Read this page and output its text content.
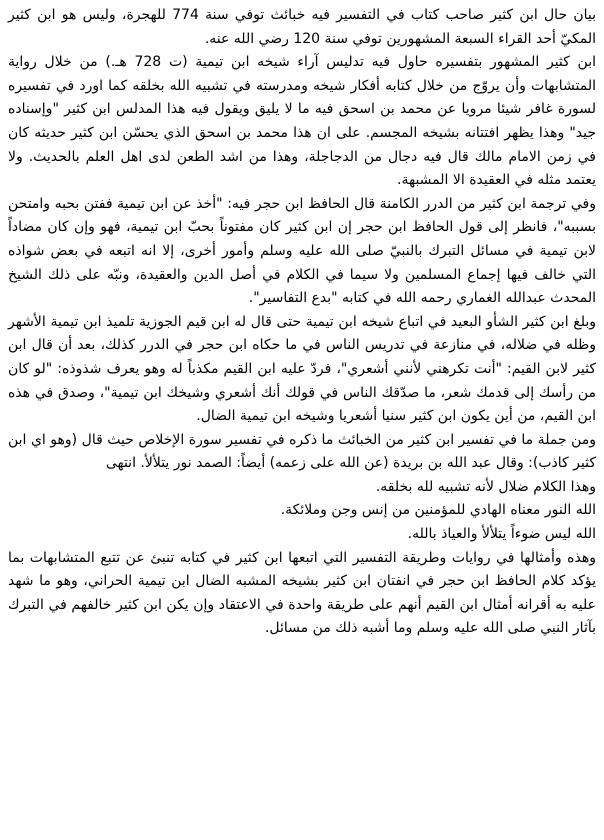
بيان حال ابن كثير صاحب كتاب في التفسير فيه خبائث توفي سنة 774 للهجرة، وليس هو ابن كثير المكيّ أحد القراء السبعة المشهورين توفي سنة 120 رضي الله عنه.

ابن كثير المشهور بتفسيره حاول فيه تدليس آراء شيخه ابن تيمية (ت 728 هـ.) من خلال رواية المتشابهات وأن يروّج من خلال كتابه أفكار شيخه ومدرسته في تشبيه الله بخلقه كما اورد في تفسيره لسورة غافر شيئا مرويا عن محمد بن اسحق فيه ما لا يليق ويقول فيه هذا المدلس ابن كثير "وإسناده جيد" وهذا يظهر افتتانه بشيخه المجسم. على ان هذا محمد بن اسحق الذي يحسّن ابن كثير حديثه كان في زمن الامام مالك قال فيه دجال من الدجاجلة، وهذا من اشد الطعن لدى اهل العلم بالحديث. ولا يعتمد مثله في العقيدة الا المشبهة.

وفي ترجمة ابن كثير من الدرر الكامنة قال الحافظ ابن حجر فيه: "أخذ عن ابن تيمية ففتن بحبه وامتحن بسببه"، فانظر إلى قول الحافظ ابن حجر إن ابن كثير كان مفتوناً بحبّ ابن تيمية، فهو وإن كان مضاداً لابن تيمية في مسائل التبرك بالنبيّ صلى الله عليه وسلم وأمور أخرى، إلا انه اتبعه في بعض شواذه التي خالف فيها إجماع المسلمين ولا سيما في الكلام في أصل الدين والعقيدة، ونبّه على ذلك الشيخ المحدث عبدالله الغماري رحمه الله في كتابه "بدع التفاسير".

وبلغ ابن كثير الشأو البعيد في اتباع شيخه ابن تيمية حتى قال له ابن قيم الجوزية تلميذ ابن تيمية الأشهر وظله في ضلاله، في منازعة في تدريس الناس في ما حكاه ابن حجر في الدرر كذلك، بعد أن قال ابن كثير لابن القيم: "أنت تكرهني لأنني أشعري"، فردّ عليه ابن القيم مكذباً له وهو يعرف شذوذه: "لو كان من رأسك إلى قدمك شعر، ما صدّقك الناس في قولك أنك أشعري وشيخك ابن تيمية"، وصدق في هذه ابن القيم، من أين يكون ابن كثير سنيا أشعريا وشيخه ابن تيمية الضال.

ومن جملة ما في تفسير ابن كثير من الخبائث ما ذكره في تفسير سورة الإخلاص حيث قال (وهو اي ابن كثير كاذب): وقال عبد الله بن بريدة (عن الله على زعمه) أيضاً: الصمد نور يتلألأ. انتهى

وهذا الكلام ضلال لأنه تشبيه لله بخلقه.

الله النور معناه الهادي للمؤمنين من إنس وجن وملائكة.

الله ليس ضوءاً يتلألأ والعياذ بالله.

وهذه وأمثالها في روايات وطريقة التفسير التي اتبعها ابن كثير في كتابه تنبئ عن تتبع المتشابهات بما يؤكد كلام الحافظ ابن حجر في انفتان ابن كثير بشيخه المشبه الضال ابن تيمية الحراني، وهو ما شهد عليه به أقرانه أمثال ابن القيم أنهم على طريقة واحدة في الاعتقاد وإن يكن ابن كثير خالفهم في التبرك بآثار النبي صلى الله عليه وسلم وما أشبه ذلك من مسائل.
